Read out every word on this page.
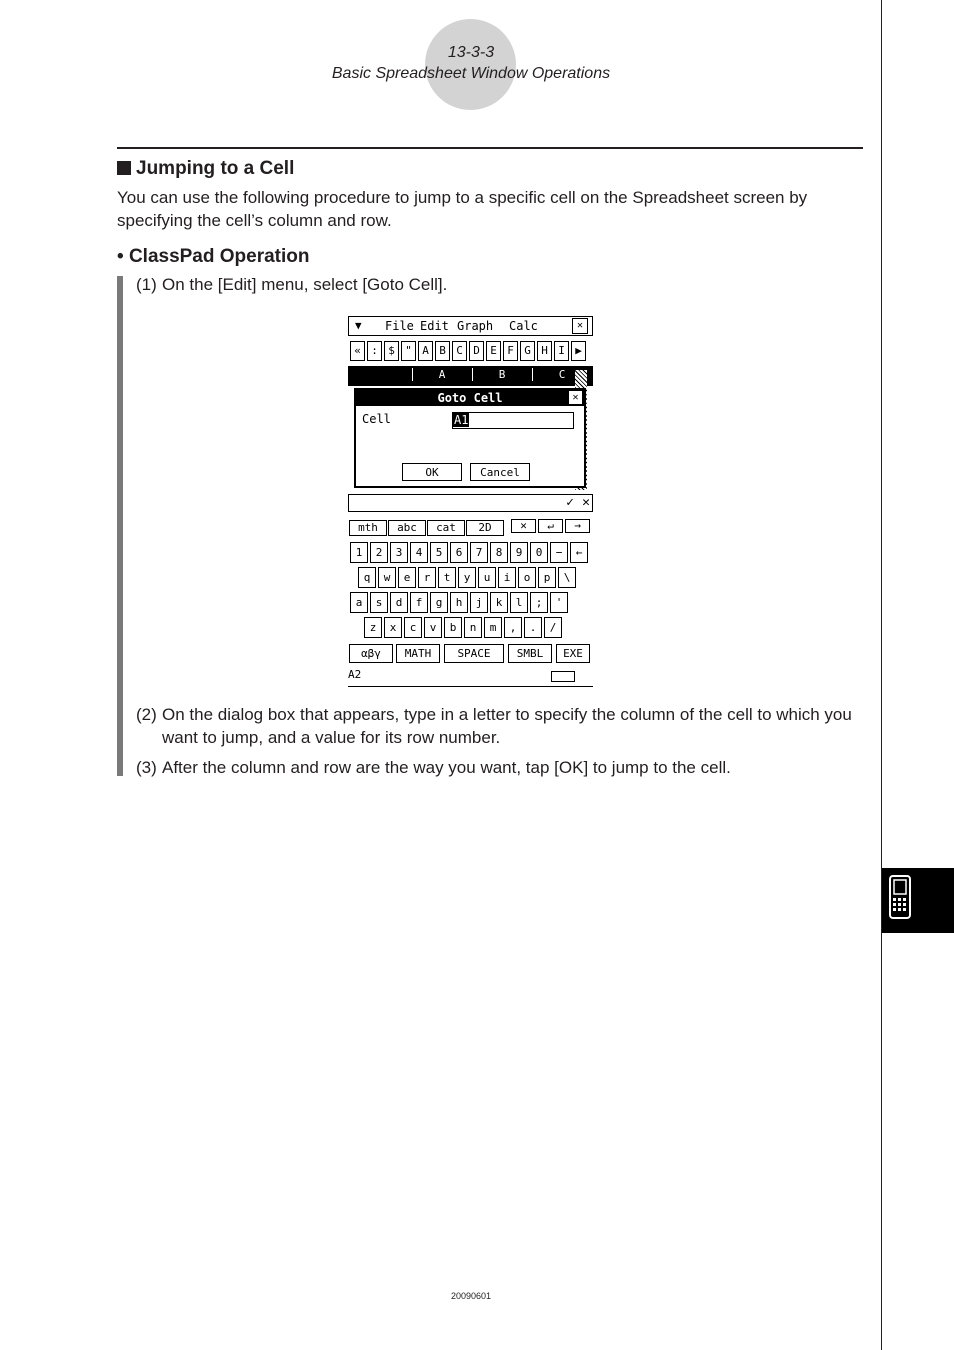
13-3-3
Basic Spreadsheet Window Operations
Jumping to a Cell
You can use the following procedure to jump to a specific cell on the Spreadsheet screen by specifying the cell’s column and row.
• ClassPad Operation
(1) On the [Edit] menu, select [Goto Cell].
(2) On the dialog box that appears, type in a letter to specify the column of the cell to which you want to jump, and a value for its row number.
(3) After the column and row are the way you want, tap [OK] to jump to the cell.
▼ File Edit Graph Calc	✕
« : $ " A B C D E F G H I ▶
A	B	C
Goto Cell	✕
Cell	A1
OK	Cancel
✓ ✕
mth	abc	cat	2D	✕	↵	→
1	2	3	4	5	6	7	8	9	0	−	←
q	w	e	r	t	y	u	i	o	p	\
a	s	d	f	g	h	j	k	l	;	'
z	x	c	v	b	n	m	,	.	/
αβγ	MATH	SPACE	SMBL	EXE
A2
20090601
